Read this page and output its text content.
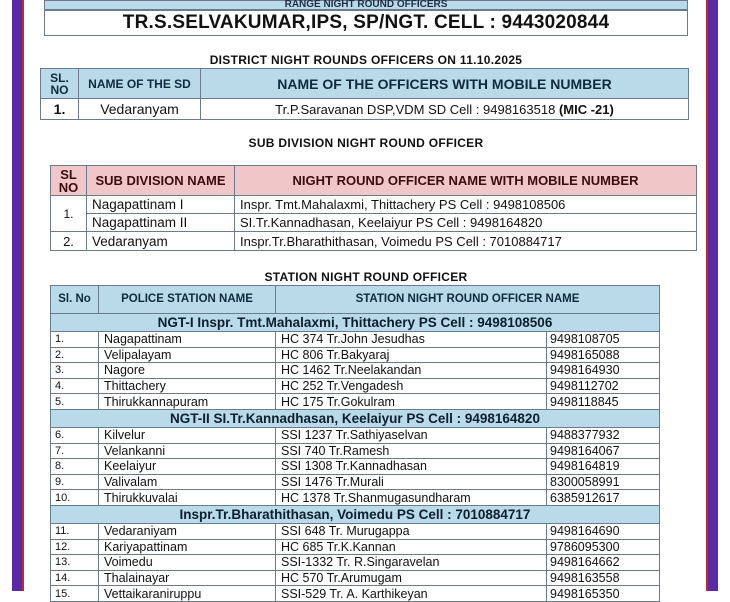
RANGE NIGHT ROUND OFFICERS
TR.S.SELVAKUMAR,IPS, SP/NGT. CELL : 9443020844
DISTRICT NIGHT ROUNDS OFFICERS ON 11.10.2025
SL. NO	NAME OF THE SD	NAME OF THE OFFICERS WITH MOBILE NUMBER
1.	Vedaranyam	Tr.P.Saravanan DSP,VDM SD Cell : 9498163518 (MIC -21)
SUB DIVISION NIGHT ROUND OFFICER
SL NO	SUB DIVISION NAME	NIGHT ROUND OFFICER NAME WITH MOBILE NUMBER
1.	Nagapattinam I	Inspr. Tmt.Mahalaxmi, Thittachery PS Cell : 9498108506
	Nagapattinam II	SI.Tr.Kannadhasan, Keelaiyur PS Cell : 9498164820
2.	Vedaranyam	Inspr.Tr.Bharathithasan, Voimedu PS Cell : 7010884717
STATION NIGHT ROUND OFFICER
Sl. No	POLICE STATION NAME	STATION NIGHT ROUND OFFICER NAME	
NGT-I Inspr. Tmt.Mahalaxmi, Thittachery PS Cell : 9498108506			
1.	Nagapattinam	HC 374 Tr.John Jesudhas	9498108705
2.	Velipalayam	HC 806 Tr.Bakyaraj	9498165088
3.	Nagore	HC 1462 Tr.Neelakandan	9498164930
4.	Thittachery	HC 252 Tr.Vengadesh	9498112702
5.	Thirukkannapuram	HC 175 Tr.Gokulram	9498118845
NGT-II SI.Tr.Kannadhasan, Keelaiyur PS Cell : 9498164820			
6.	Kilvelur	SSI 1237 Tr.Sathiyaselvan	9488377932
7.	Velankanni	SSI 740 Tr.Ramesh	9498164067
8.	Keelaiyur	SSI 1308 Tr.Kannadhasan	9498164819
9.	Valivalam	SSI 1476 Tr.Murali	8300058991
10.	Thirukkuvalai	HC 1378 Tr.Shanmugasundharam	6385912617
Inspr.Tr.Bharathithasan, Voimedu PS Cell : 7010884717			
11.	Vedaraniyam	SSI 648 Tr. Murugappa	9498164690
12.	Kariyapattinam	HC 685 Tr.K.Kannan	9786095300
13.	Voimedu	SSI-1332 Tr. R.Singaravelan	9498164662
14.	Thalainayar	HC 570 Tr.Arumugam	9498163558
15.	Vettaikaraniruppu	SSI-529 Tr. A. Karthikeyan	9498165350
